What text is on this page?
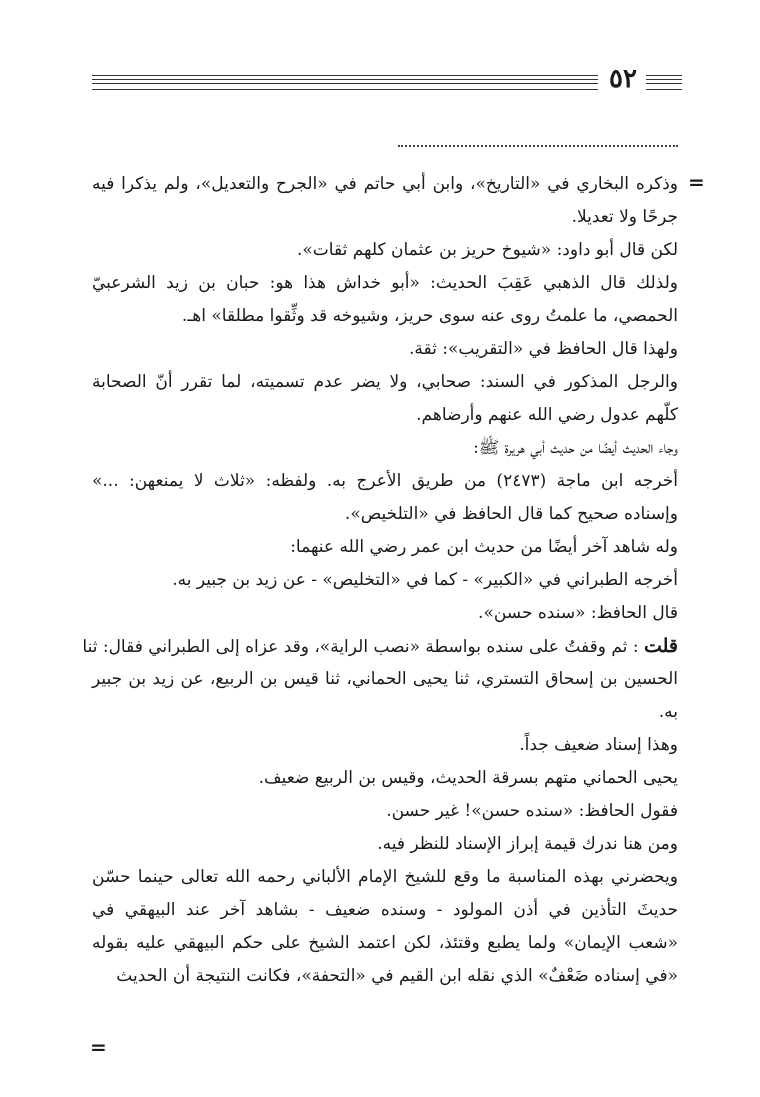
٥٢
=
وذكره البخاري في «التاريخ»، وابن أبي حاتم في «الجرح والتعديل»، ولم يذكرا فيه
جرحًا ولا تعديلا.
لكن قال أبو داود: «شيوخ حريز بن عثمان كلهم ثقات».
ولذلك قال الذهبي عَقِبَ الحديث: «أبو خداش هذا هو: حبان بن زيد الشرعبيّ
الحمصي، ما علمتُ روى عنه سوى حريز، وشيوخه قد وثِّقوا مطلقا» اهـ.
ولهذا قال الحافظ في «التقريب»: ثقة.
والرجل المذكور في السند: صحابي، ولا يضر عدم تسميته، لما تقرر أنّ الصحابة
كلّهم عدول رضي الله عنهم وأرضاهم.
وجاء الحديث أيضًا من حديث أبي هريرة ﷺ:
أخرجه ابن ماجة (٢٤٧٣) من طريق الأعرج به. ولفظه: «ثلاث لا يمنعهن: ...»
وإسناده صحيح كما قال الحافظ في «التلخيص».
وله شاهد آخر أيضًا من حديث ابن عمر رضي الله عنهما:
أخرجه الطبراني في «الكبير» - كما في «التخليص» - عن زيد بن جبير به.
قال الحافظ: «سنده حسن».
قلت : ثم وقفتُ على سنده بواسطة «نصب الراية»، وقد عزاه إلى الطبراني فقال: ثنا
الحسين بن إسحاق التستري، ثنا يحيى الحماني، ثنا قيس بن الربيع، عن زيد بن جبير
به.
وهذا إسناد ضعيف جداً.
يحيى الحماني متهم بسرقة الحديث، وقيس بن الربيع ضعيف.
فقول الحافظ: «سنده حسن»! غير حسن.
ومن هنا ندرك قيمة إبراز الإسناد للنظر فيه.
ويحضرني بهذه المناسبة ما وقع للشيخ الإمام الألباني رحمه الله تعالى حينما حسّن
حديثَ التأذين في أذن المولود - وسنده ضعيف - بشاهد آخر عند البيهقي في
«شعب الإيمان» ولما يطبع وقتئذ، لكن اعتمد الشيخ على حكم البيهقي عليه بقوله
«في إسناده ضَعْفٌ» الذي نقله ابن القيم في «التحفة»، فكانت النتيجة أن الحديث
=
